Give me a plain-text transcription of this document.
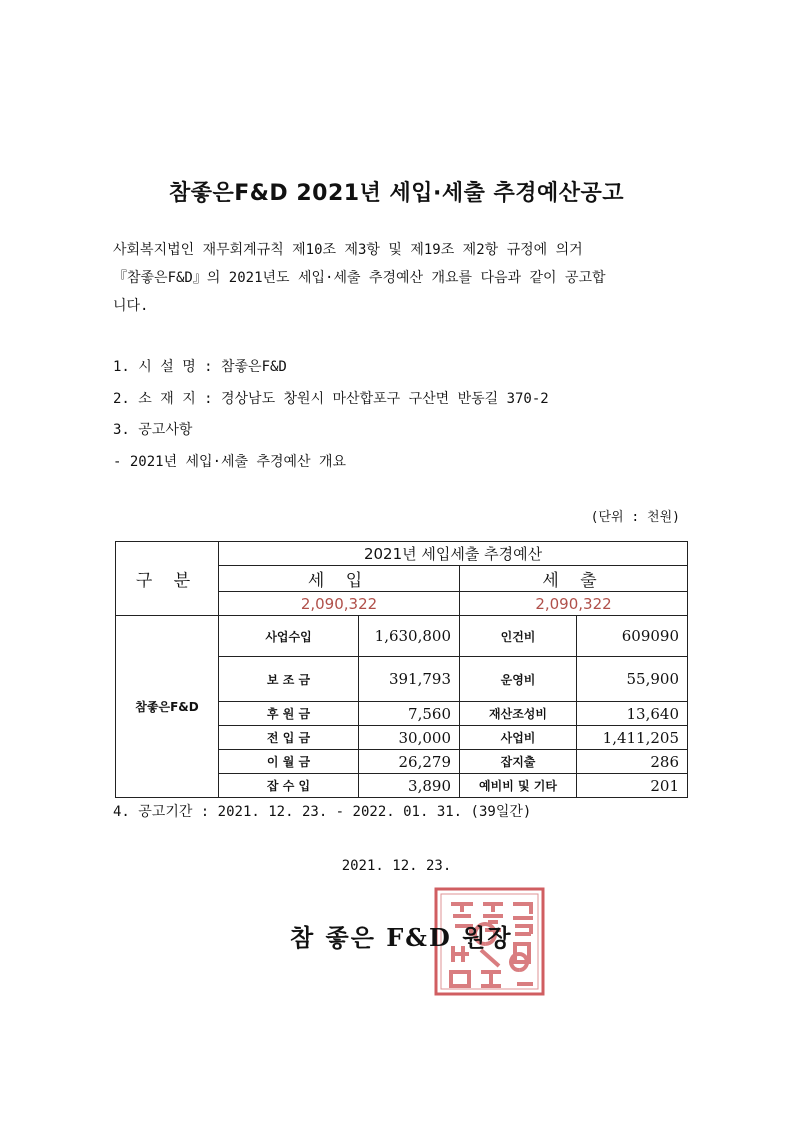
참좋은F&D 2021년 세입·세출 추경예산공고

사회복지법인 재무회계규칙 제10조 제3항 및 제19조 제2항 규정에 의거

『참좋은F&D』의 2021년도 세입·세출 추경예산 개요를 다음과 같이 공고합

니다.

1. 시 설 명 : 참좋은F&D
2. 소 재 지 : 경상남도 창원시 마산합포구 구산면 반동길 370-2
3. 공고사항
- 2021년 세입·세출 추경예산 개요
(단위 : 천원)
구 분	2021년 세입세출 추경예산			
	세 입		세 출	
	2,090,322		2,090,322	
참좋은F&D	사업수입	1,630,800	인건비	609090
	보 조 금	391,793	운영비	55,900
	후 원 금	7,560	재산조성비	13,640
	전 입 금	30,000	사업비	1,411,205
	이 월 금	26,279	잡지출	286
	잡 수 입	3,890	예비비 및 기타	201
4. 공고기간 : 2021. 12. 23. - 2022. 01. 31. (39일간)
2021. 12. 23.
참 좋은 F&D 원장
